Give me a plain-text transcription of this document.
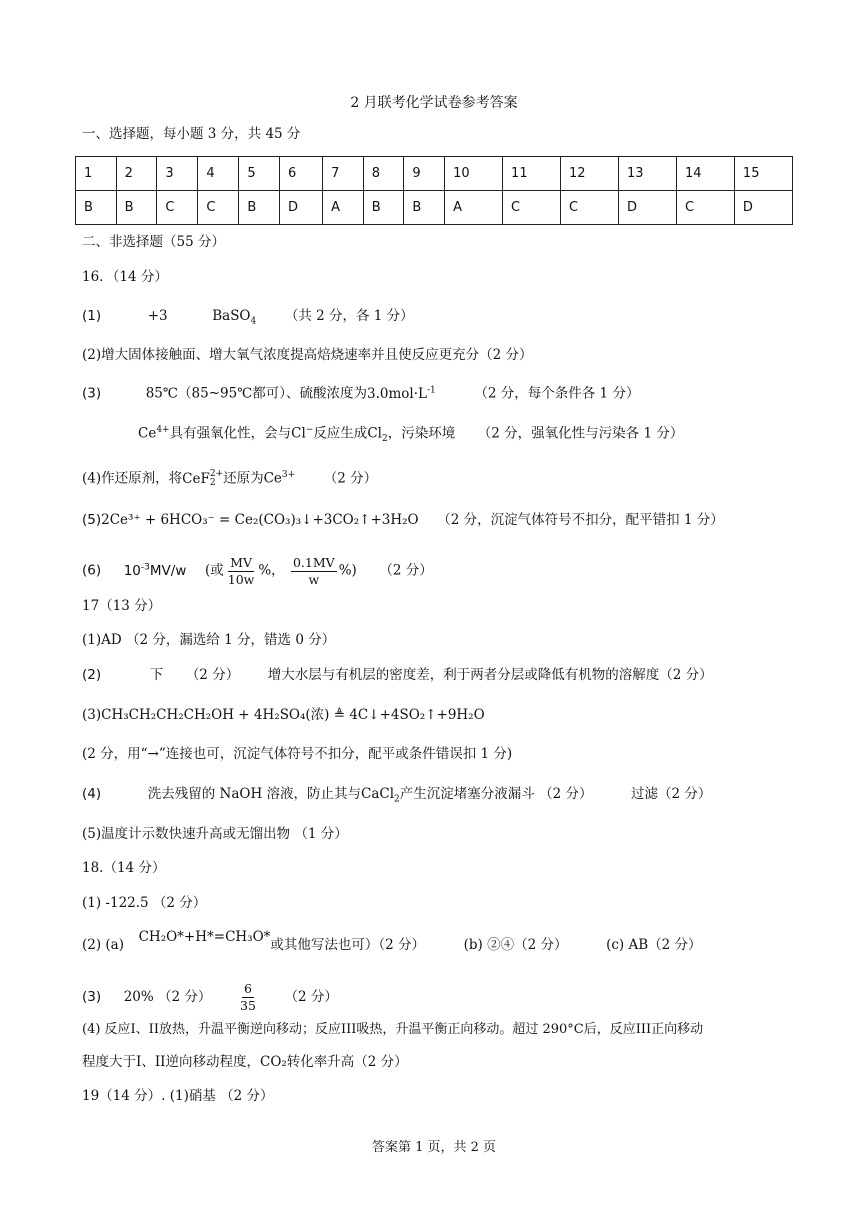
2 月联考化学试卷参考答案
一、选择题，每小题 3 分，共 45 分
1	2	3	4	5	6	7	8	9	10	11	12	13	14	15
B	B	C	C	B	D	A	B	B	A	C	C	D	C	D
二、非选择题（55 分）
16．（14 分）
(1)	+3	BaSO$_4$ （共 2 分，各 1 分）
(2)增大固体接触面、增大氧气浓度提高焙烧速率并且使反应更充分（2 分）
(3)	85℃（85~95℃都可）、硫酸浓度为$3.0mol\cdot L^{-1}$	（2 分，每个条件各 1 分）
$Ce^{4+}$具有强氧化性，会与Cl−反应生成$Cl_2$，污染环境 （2 分，强氧化性与污染各 1 分）
(4)作还原剂，将CeF 2+
2 还原为$Ce^{3+}$ （2 分）
(5)2Ce³⁺ + 6HCO₃⁻ = Ce₂(CO₃)₃↓+3CO₂↑+3H₂O （2 分，沉淀气体符号不扣分，配平错扣 1 分）
(6) $10^{-3}MV/w$ (或 $\frac{MV}{10w}$ %， $\frac{0.1MV}{w}$ %) （2 分）
17（13 分）
(1)AD （2 分，漏选给 1 分，错选 0 分）
(2)	下 （2 分） 增大水层与有机层的密度差，利于两者分层或降低有机物的溶解度（2 分）
(3)CH₃CH₂CH₂CH₂OH + 4H₂SO₄(浓) ≜ 4C↓+4SO₂↑+9H₂O
(2 分，用“→”连接也可，沉淀气体符号不扣分，配平或条件错误扣 1 分)
(4)	洗去残留的 NaOH 溶液，防止其与CaCl$_2$产生沉淀堵塞分液漏斗 （2 分）	过滤（2 分）
(5)温度计示数快速升高或无馏出物 （1 分）
18.（14 分）
(1) -122.5 （2 分）
(2) (a) CH₂O*+H*=CH₃O*或其他写法也可）（2 分）	(b) ②④（2 分）	(c) AB（2 分）
(3) 20% （2 分） $\frac{6}{35} (2$ 分）
(4) 反应I、II放热，升温平衡逆向移动；反应III吸热，升温平衡正向移动。超过 290°C后，反应III正向移动
程度大于I、II逆向移动程度，CO₂转化率升高（2 分）
19（14 分）. (1)硝基 （2 分）
答案第 1 页，共 2 页
